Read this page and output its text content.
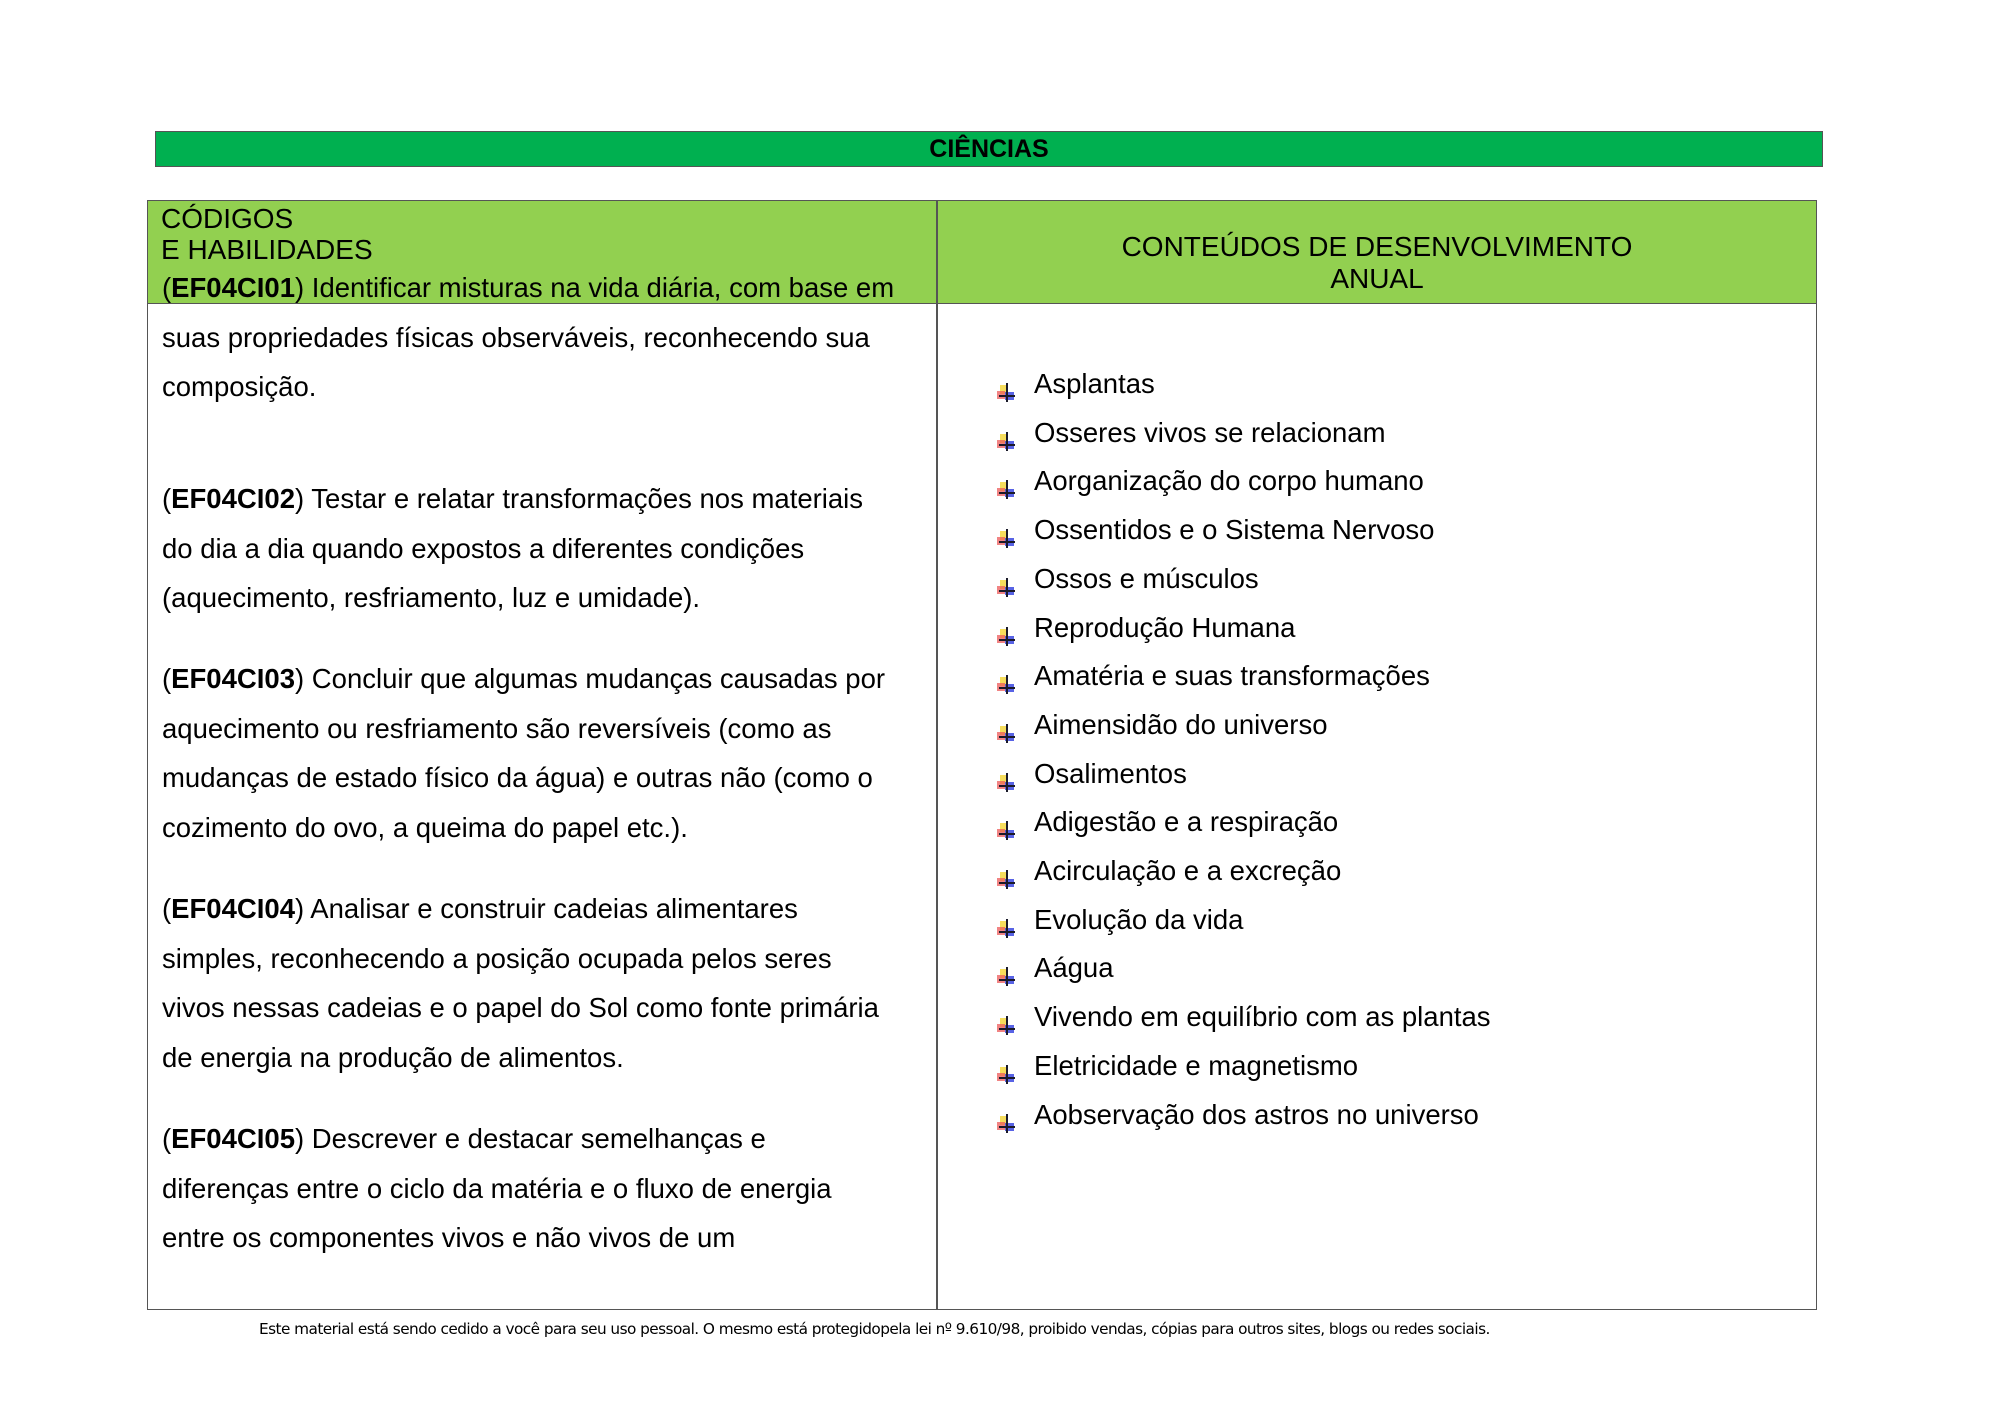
CIÊNCIAS
CÓDIGOS
E HABILIDADES	CONTEÚDOS DE DESENVOLVIMENTO
ANUAL
(EF04CI01) Identificar misturas na vida diária, com base em
suas propriedades físicas observáveis, reconhecendo sua
composição.
(EF04CI02) Testar e relatar transformações nos materiais
do dia a dia quando expostos a diferentes condições
(aquecimento, resfriamento, luz e umidade).
(EF04CI03) Concluir que algumas mudanças causadas por
aquecimento ou resfriamento são reversíveis (como as
mudanças de estado físico da água) e outras não (como o
cozimento do ovo, a queima do papel etc.).
(EF04CI04) Analisar e construir cadeias alimentares
simples, reconhecendo a posição ocupada pelos seres
vivos nessas cadeias e o papel do Sol como fonte primária
de energia na produção de alimentos.
(EF04CI05) Descrever e destacar semelhanças e
diferenças entre o ciclo da matéria e o fluxo de energia
entre os componentes vivos e não vivos de um
Asplantas
Osseres vivos se relacionam
Aorganização do corpo humano
Ossentidos e o Sistema Nervoso
Ossos e músculos
Reprodução Humana
Amatéria e suas transformações
Aimensidão do universo
Osalimentos
Adigestão e a respiração
Acirculação e a excreção
Evolução da vida
Aágua
Vivendo em equilíbrio com as plantas
Eletricidade e magnetismo
Aobservação dos astros no universo
Este material está sendo cedido a você para seu uso pessoal. O mesmo está protegidopela lei nº 9.610/98, proibido vendas, cópias para outros sites, blogs ou redes sociais.
